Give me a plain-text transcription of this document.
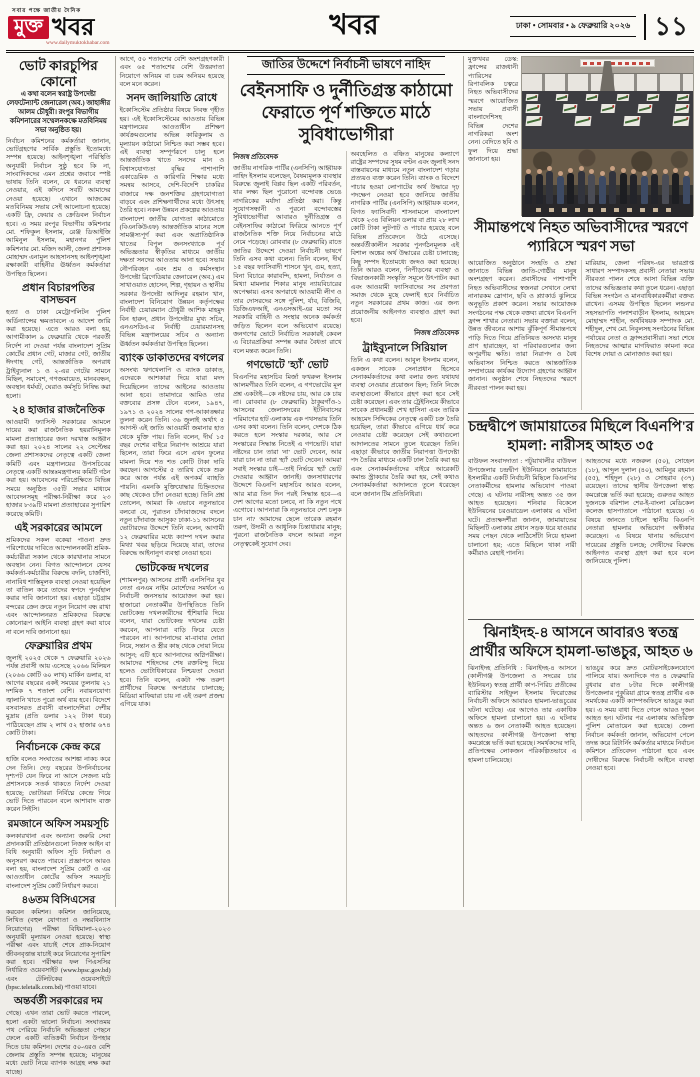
সবার পক্ষে জাতীয় দৈনিক
মুক্ত খবর
www.dailymuktokhabar.com
খবর	ঢাকা • সোমবার • ৯ ফেব্রুয়ারি ২০২৬ ১১
ভোট কারচুপির কোনো

এ কথা বলেন স্বরাষ্ট্র উপদেষ্টা লেফটেন্যান্ট জেনারেল (অব.) জাহাঙ্গীর আলম চৌধুরী। রংপুর বিভাগীয় কমিশনারের সম্মেলনকক্ষে মতবিনিময় সভা অনুষ্ঠিত হয়।

নির্বাচন কমিশনের কর্মকর্তারা জানান, ভোটগ্রহণের সার্বিক প্রস্তুতি ইতোমধ্যে সম্পন্ন হয়েছে। আইনশৃঙ্খলা পরিস্থিতি অনুযায়ী নির্বাচন সুষ্ঠু হবে কি না, সাংবাদিকদের এমন প্রশ্নের জবাবে স্পষ্ট ভাষায় তিনি বলেন, যে ধরনের ব্যবস্থা নেওয়ার, এই কদিনে সবটি আমাদের নেওয়া হয়েছে। এখানে আজকের মতবিনিময় সভায় সেই আলোচনা হয়েছে। একটি ফ্রি, ফেয়ার ও ক্রেডিবল নির্বাচন হবে। এ সময় রংপুর বিভাগীয় কমিশনার মো. শফিকুল ইসলাম, রেঞ্জ ডিআইজি আমিনুল ইসলাম, মহানগর পুলিশ কমিশনার মো. মজিদ আলী, জেলা প্রশাসক মোহাম্মদ এনামুল আহসানসহ আইনশৃঙ্খলা রক্ষাকারী বাহিনীর ঊর্ধ্বতন কর্মকর্তারা উপস্থিত ছিলেন।

প্রধান বিচারপতির বাসভবন

হত্যা ও ঢাকা মেট্রোপলিটন পুলিশ অর্ডিন্যান্সের ক্ষমতাবলে এ আদেশ জারি করা হয়েছে। এতে আরও বলা হয়, আগামীকাল ৯ ফেব্রুয়ারি থেকে পরবর্তী নির্দেশ না দেওয়া পর্যন্ত বাংলাদেশ সুপ্রিম কোর্টের প্রধান গেট, মাজার গেট, জাতীয় ঈদগাহ গেট, আন্তর্জাতিক অপরাধ ট্রাইব্যুনাল ১ ও ২-এর গেটের সামনে মিছিল, সমাবেশ, গণজমায়েত, মানববন্ধন, অবস্থান ধর্মঘট, ঘেরাও কর্মসূচি নিষিদ্ধ করা হলো।

২৪ হাজার রাজনৈতিক

আওয়ামী ফ্যাসিস্ট সরকারের আমলে দায়ের করা রাজনৈতিক হয়রানিমূলক মামলা প্রত্যাহারের জন্য দরখাস্ত আহ্বান করা হয়। ২০২৪ সালের ২২ সেপ্টেম্বর জেলা প্রশাসকদের নেতৃত্বে একটি জেলা কমিটি এবং মন্ত্রণালয়ের উপসচিবের নেতৃত্বে একটি আন্তঃমন্ত্রণালয় কমিটি গঠন করা হয়। আবেদনের পরিপ্রেক্ষিতে বিভিন্ন সময়ে অনুষ্ঠিত ৩৫টি সভার মাধ্যমে আবেদনসমূহ পরীক্ষা-নিরীক্ষা করে ২৩ হাজার ৮৩৯টি মামলা প্রত্যাহারের সুপারিশ করেছে কমিটি।

এই সরকারের আমলে

শ্রমিকদের সকল বকেয়া পাওনা দ্রুত পরিশোধের দাবিতে আন্দোলনকারী শ্রমিক-কর্মচারীরা সকাল থেকে কারখানার সামনে অবস্থান নেন। বিগত আন্দোলনে যেসব কর্মকর্তা-কর্মচারীর বিরুদ্ধে বদলি, চার্জশিট, নানাবিধ শাস্তিমূলক ব্যবস্থা নেওয়া হয়েছিল তা বাতিল করে তাদের স্বপদে পুনর্বহাল করার দাবি জানানো হয়। এছাড়া চট্টগ্রাম বন্দরের ক্রেন ক্রয়ে নতুন নিয়োগ বন্ধ রাখা এবং আন্দোলনরত শ্রমিকদের বিরুদ্ধে কোনোরূপ আইনি ব্যবস্থা গ্রহণ করা যাবে না বলে দাবি জানানো হয়।

ফেব্রুয়ারির প্রথম

জুলাই ২০২৫ থেকে ৭ ফেব্রুয়ারি ২০২৬ পর্যন্ত প্রবাসী আয় এসেছে ২০৬৬ মিলিয়ন (২০৬৬ কোটি ৬০ লাখ) মার্কিন ডলার, যা আগের বছরের একই সময়ের তুলনায় ২১ দশমিক ৭ শতাংশ বেশি। নবায়নযোগ্য জ্বালানি খাতে পুরো অর্থ ব্যয় হবে। বিদেশে বসবাসরত প্রবাসী বাংলাদেশিরা দেশীয় মুদ্রায় (প্রতি ডলার ১২২ টাকা ধরে) পাঠিয়েছেন প্রায় ২ লাখ ৫২ হাজার ৬৭৪ কোটি টাকা।

নির্বাচনকে কেন্দ্র করে

হাজি বলেও সংঘাতের আশঙ্কা নাকচ করে দেন তিনি। দেড় বছরের উপনির্বাচনের দৃশ্যপট যেন ফিরে না আসে সেজন্য মাঠ প্রশাসনকে সতর্ক থাকতে নির্দেশ দেওয়া হয়েছে; ভোটাররা নির্বিঘ্নে কেন্দ্রে গিয়ে ভোট দিতে পারবেন বলে আশাবাদ ব্যক্ত করেন সিইসি।

রমজানে অফিস সময়সূচি

কলকারখানা এবং অন্যান্য জরুরি সেবা প্রদানকারী প্রতিষ্ঠানগুলো নিজস্ব আইন বা বিধি অনুযায়ী অফিস সূচি নির্ধারণ ও অনুসরণ করতে পারবে। প্রজ্ঞাপনে আরও বলা হয়, বাংলাদেশ সুপ্রিম কোর্ট ও এর আওতাধীন কোর্টের অফিস সময়সূচি বাংলাদেশ সুপ্রিম কোর্ট নির্ধারণ করবে।

৪৬তম বিসিএসের

করবেন কমিশন। কমিশন জানিয়েছে, লিখিত (বহুল যোগ্যতা ও নম্বরবিন্যাস নিয়োগের) পরীক্ষা বিধিমালা-২০২৩ অনুযায়ী মূল্যায়ন নেওয়া হয়েছে। স্বাস্থ্য পরীক্ষা এবং যাচাই শেষে প্রাক-নিয়োগ জীবনবৃত্তান্ত যাচাই করে নিয়োগের সুপারিশ করা হবে। পরীক্ষার ফল পিএসসির নির্ধারিত ওয়েবসাইট (www.bpsc.gov.bd) এবং টেলিটকের ওয়েবসাইটে (bpsc.teletalk.com.bd) পাওয়া যাবে।

অন্তর্বর্তী সরকারের দম

গেছে। এখন তারা ভোট করতে পারলে, হলো একটা ভালো নির্বাচন। সংঘাতময় পথ পেরিয়ে নির্বাচনি অভিজ্ঞতা পেছনে ফেলে একটি ব্যতিক্রমী নির্বাচন উপহার দিতে চায় কমিশন। দেশের ৫০-এরও বেশি জেলায় প্রস্তুতি সম্পন্ন হয়েছে; মানুষের মধ্যে ভোট নিয়ে ব্যাপক আগ্রহ লক্ষ করা যাচ্ছে।

আগে, ৫০ শতাংশের বেশি অংশগ্রহণকারী এবং ৬৫ শতাংশের বেশি উত্তরদাতা নিয়োগে অনিয়ম বা চরম অনিয়ম হয়েছে বলে মনে করেন।

সনদ জালিয়াতি রোধে

ইকোসিস্টেম প্রতিষ্ঠার বিষয়ে নিবন্ধ গৃহীত হয়। এই ইকোসিস্টেমের আওতায় বিভিন্ন মন্ত্রণালয়ের আওতাধীন প্রশিক্ষণ কার্যক্রমগুলোর অভিন্ন কারিকুলাম ও মূল্যায়ন কাঠামো নিশ্চিত করা সম্ভব হবে। এই ব্যবস্থা সম্পূর্ণরূপে চালু হলে আন্তর্জাতিক খাতে সনদের মান ও বিশ্বাসযোগ্যতা বৃদ্ধির পাশাপাশি একাডেমিক ও কারিগরি শিক্ষার মধ্যে সমন্বয় আসবে, দেশি-বিদেশি চাকরির বাজারে দক্ষ জনশক্তির গ্রহণযোগ্যতা বাড়বে এবং প্রশিক্ষণার্থীদের মধ্যে উৎসাহ তৈরি হবে। নকল উন্নয়ন প্রকল্পের আওতায় বাংলাদেশ জাতীয় যোগ্যতা কাঠামোতে (বিএনকিউএফ) আন্তর্জাতিক মানের সঙ্গে সামঞ্জস্যপূর্ণ করা এবং অপ্রাতিষ্ঠানিক খাতের বিপুল জনসংখ্যাকে পূর্ব অভিজ্ঞতার স্বীকৃতির মাধ্যমে জাতীয় দক্ষতা সনদের আওতায় আনা হবে। সভায় নৌপরিবহন এবং শ্রম ও কর্মসংস্থান উপদেষ্টা ব্রিগেডিয়ার জেনারেল (অব.) এম সাখাওয়াত হোসেন, শিল্প, গৃহায়ন ও স্থানীয় সরকার উপদেষ্টা আদিলুর রহমান খান, বাংলাদেশ বিনিয়োগ উন্নয়ন কর্তৃপক্ষের নির্বাহী চেয়ারম্যান চৌধুরী আশিক মাহমুদ বিন হারুন, প্রধান উপদেষ্টার মুখ্য সচিব, এনএসডিএ-র নির্বাহী চেয়ারম্যানসহ বিভিন্ন মন্ত্রণালয়ের সচিব ও অন্যান্য ঊর্ধ্বতন কর্মকর্তারা উপস্থিত ছিলেন।

ব্যাংক ডাকাতদের বগলের

অসংখ্য ঋণখেলাপি ও ব্যাংক ডাকাত, এদেরকে আশকারা দিয়ে যারা মদদ দিয়েছিলেন তাদের আইনের আওতায় আনা হবে। তামাদারে আমিও তার বক্তব্যের প্রসঙ্গ টেনে বলেন, ১৯৪৭, ১৯৭১ ও ২০২৪ সালের গণ-আকাঙ্ক্ষার তুলনা করেন তিনি। ৩৬ জুলাই অর্থাৎ ৫ আগস্ট এই জাতি আওয়ামী জমানার হাত থেকে মুক্তি পায়। তিনি বলেন, দীর্ঘ ১৫ বছর দেশের বাইরে নিরাপদ আশ্রয়ে যারা ছিলেন, তারা ফিরে এসে এখন ফুলের মামলা দিয়ে শত শত কোটি টাকা দাবি করছেন। আগস্টের ৫ তারিখ থেকে শুরু করে আজ পর্যন্ত এই অপকর্ম ব্যাহতি পায়নি। এমনকি মুক্তিযোদ্ধার চিহ্নিতদের কাছ থেকেও চাঁদা নেওয়া হচ্ছে। তিনি প্রশ্ন তোলেন, আমরা কি এভাবে নতুনভাবে বলবো যে, পুরাতন চাঁদাবাজদের বদলে নতুন চাঁদাবাজ আসুক? ঢাকা-১১ আসনের ভোটারদের উদ্দেশে তিনি বলেন, আগামী ১২ ফেব্রুয়ারির মধ্যে ক্যাম্প দখল করার মিথ্যা খবর ছড়িয়ে দিয়েছে যারা, তাদের বিরুদ্ধে আইনানুগ ব্যবস্থা নেওয়া হবে।

ভোটকেন্দ্র দখলের

(শ্যামলপুর) আসনের প্রার্থী এনসিপির যুব নেতা এনএম নাইম মোর্শেদের সমর্থনে এ নির্বাচনী জনসভার আয়োজন করা হয়। হাজারো নেতাকর্মীর উপস্থিতিতে তিনি ভোটকেন্দ্র দখলকারীদের হুঁশিয়ারি দিয়ে বলেন, যারা ভোটকেন্দ্র দখলের চেষ্টা করবেন, আপনারা বাড়ি ফিরে যেতে পারবেন না। আপনাদের মা-বাবার দোয়া নিয়ে, সন্তান ও স্ত্রীর কাছ থেকে দোয়া নিয়ে আসুন; এটি হবে আপনাদের অগ্নিপরীক্ষা। আমাদের শহিদদের শেষ রক্তবিন্দু দিয়ে হলেও ভোটাধিকারের নিশ্চয়তা দেওয়া হবে। তিনি বলেন, একটা পক্ষ তরুণ প্রার্থীদের বিরুদ্ধে অপপ্রচার চালাচ্ছে; মিডিয়া মাফিয়ারা চায় না এই তরুণ প্রজন্ম এগিয়ে যাক।

জাতির উদ্দেশে নির্বাচনী ভাষণে নাহিদ
বেইনসাফি ও দুর্নীতিগ্রস্ত কাঠামো ফেরাতে পূর্ণ শক্তিতে মাঠে সুবিধাভোগীরা

নিজস্ব প্রতিবেদক

জাতীয় নাগরিক পার্টির (এনসিপি) আহ্বায়ক নাহিদ ইসলাম বলেছেন, বৈষম্যমূলক ব্যবস্থার বিরুদ্ধে জুলাই বিপ্লব ছিল একটি পরিবর্তন, যার লক্ষ্য ছিল পুরোনো বন্দোবস্ত ভেঙে নাগরিকের মর্যাদা প্রতিষ্ঠা করা। কিন্তু সুযোগসন্ধানী ও পুরনো বন্দোবস্তের সুবিধাভোগীরা আবারও দুর্নীতিগ্রস্ত ও বেইনসাফির কাঠামো ফিরিয়ে আনতে পূর্ণ রাজনৈতিক শক্তি নিয়ে নির্বাচনের মাঠে নেমে পড়েছে। রোববার (৮ ফেব্রুয়ারি) রাতে জাতির উদ্দেশে দেওয়া নির্বাচনী ভাষণে তিনি এসব কথা বলেন। তিনি বলেন, দীর্ঘ ১৫ বছর ফ্যাসিবাদী শাসনে খুন, গুম, হত্যা, বিনা বিচারে কারাবন্দি, হামলা, নির্যাতন ও মিথ্যা মামলার শিকার মানুষ ন্যায়বিচারের অপেক্ষায়। এসব অপরাধে আওয়ামী লীগ ও তার দোসরদের সঙ্গে পুলিশ, র্যাব, বিজিবি, ডিজিএফআই, এনএসআই-এর মতো সব সরকারি বাহিনী ও সংস্থার অনেক কর্মকর্তা জড়িত ছিলেন বলে অভিযোগ রয়েছে। জনগণের ভোটে নির্বাচিত সরকারই কেবল এ বিচারপ্রক্রিয়া সম্পন্ন করার বৈধতা রাখে বলে মন্তব্য করেন তিনি।

গণভোটে 'হ্যাঁ' ভোট

বিএনপির মহাসচিব মির্জা ফখরুল ইসলাম আলমগীরও তিনি বলেন, এ গণভোটের মূল প্রশ্ন একটাই—কে নষ্টদের চায়, আর কে চায় না। রোববার (৮ ফেব্রুয়ারি) ঠাকুরগাঁও-১ আসনের জেলাসদরের ইটনিবাসের পরিমাণের হাট এলাকায় এক পথসভায় তিনি এসব কথা বলেন। তিনি বলেন, দেশকে ঠিক করতে হলে সংস্কার দরকার, আর সে সংস্কারের সিদ্ধান্ত নিতেই এ গণভোট। যারা নষ্টদের চান তারা 'না' ভোট দেবেন, আর যারা চান না তারা 'হ্যাঁ' ভোট দেবেন। আমরা সবাই সংস্কার চাই—তাই নির্ভয়ে 'হ্যাঁ' ভোট দেওয়ার আহ্বান জানাই। জনসাধারণের উদ্দেশে বিএনপি মহাসচিব আরও বলেন, আর মাত্র তিন দিন পরই সিদ্ধান্ত হবে—এ দেশ আগের মতো চলবে, না কি নতুন পথে এগোবে। আপনারা কি নতুনভাবে দেশ চলুক চান না? আমাদের ছেলে তারেক রহমান তরুণ, উদ্যমী ও আধুনিক চিন্তাধারার মানুষ; পুরনো রাজনৈতিক বদলে আমরা নতুন নেতৃত্বকেই সুযোগ দেব।

অবহেলিত ও বঞ্চিত মানুষের কল্যাণে রাষ্ট্রের সম্পদের সুষম বণ্টন এবং জুলাই সনদ বাস্তবায়নের মাধ্যমে নতুন বাংলাদেশ গড়ার প্রত্যয়ও ব্যক্ত করেন তিনি। ব্যাংক ও বিদেশে পাচার হওয়া লোপাটের অর্থ উদ্ধারে দৃঢ় পদক্ষেপ নেওয়া হবে জানিয়ে জাতীয় নাগরিক পার্টির (এনসিপি) আহ্বায়ক বলেন, বিগত ফ্যাসিবাদী শাসনামলে বাংলাদেশ থেকে ২৩৪ বিলিয়ন ডলার বা প্রায় ২৮ লাখ কোটি টাকা লুটপাট ও পাচার হয়েছে বলে বিভিন্ন প্রতিবেদনে উঠে এসেছে। অন্তর্বর্তীকালীন সরকার পুনর্গঠনমূলক এই বিশাল অঙ্কের অর্থ উদ্ধারের চেষ্টা চালাচ্ছে; কিছু সম্পদ ইতোমধ্যে জব্দও করা হয়েছে। তিনি আরও বলেন, 'নিপীড়নের ব্যবস্থা' ও 'বিভাজনকারী সংস্কৃতি' সমূলে উৎপাটন করা এবং আওয়ামী ফ্যাসিবাদের সব প্রবণতা সমাজ থেকে মুছে ফেলাই হবে নির্বাচিত নতুন সরকারের প্রথম কাজ। এর জন্য প্রয়োজনীয় আইনগত ব্যবস্থাও গ্রহণ করা হবে।

নিজস্ব প্রতিবেদক

ট্রাইব্যুনালে সিরিয়াল

তিনি এ কথা বলেন। আবুল ইসলাম বলেন, একজন সাবেক সেনাপ্রধান হিসেবে সেনাকর্মকর্তাদের কথা বলার জন্য যথাযথ ব্যবস্থা নেওয়ার প্রয়োজন ছিল; তিনি নিজে ব্যবস্থাগুলো কীভাবে গ্রহণ করা হবে সেই চেষ্টা করেছেন। এবং তার ট্রেইনিংয়ে কীভাবে সাবেক প্রধানমন্ত্রী শেখ হাসিনা এবং তারিক আহমেদ সিদ্দিকের নেতৃত্বে একটি চক্র তৈরি হয়েছিল, তারা কীভাবে এগিয়ে ধার্য করে নেওয়ার চেষ্টা করেছেন সেই কথাগুলো আদালতের সামনে তুলে ধরেছেন তিনি। এছাড়া কীভাবে জাতীয় নিরাপত্তা উপদেষ্টা পদ তৈরির মাধ্যমে একটি ঢাল তৈরি করা হয় এবং সেনাকর্মকর্তাদের বাইরে আরেকটি কমান্ড স্ট্রাকচার তৈরি করা হয়, সেই কথাও সেনাকর্মকর্তারা আদালতে তুলে ধরেছেন বলে জানান টিম প্রতিনিধিরা।

মুক্তখবর ডেস্ক: ফ্রান্সের রাজধানী প্যারিসের রিপাবলিক চত্বরে নিহত অভিবাসীদের স্মরণে আয়োজিত সভায় প্রবাসী বাংলাদেশিসহ বিভিন্ন দেশের নাগরিকরা অংশ নেন। বেদিতে ছবি ও ফুল দিয়ে শ্রদ্ধা জানানো হয়।

সীমান্তপথে নিহত অভিবাসীদের স্মরণে প্যারিসে স্মরণ সভা

আয়োজিত অনুষ্ঠানে সংহতি ও শ্রদ্ধা জানাতে বিভিন্ন জাতি-গোষ্ঠীর মানুষ অংশগ্রহণ করেন। প্রবাসীদের পাশাপাশি নিহত অভিবাসীদের স্বজনরা সেখানে লেখা নানারকম স্লোগান, ছবি ও প্ল্যাকার্ড ঝুলিয়ে অনুভূতি প্রকাশ করেন। সভার আয়োজক সংগঠনের পক্ষ থেকে বক্তব্য রাখেন বিএনপি ফ্রান্স শাখার নেতারা। সভায় বক্তারা বলেন, উন্নত জীবনের আশায় ঝুঁকিপূর্ণ সীমান্তপথে পাড়ি দিতে গিয়ে প্রতিনিয়ত অসংখ্য মানুষ প্রাণ হারাচ্ছেন, যা পরিবারগুলোর জন্য অপূরণীয় ক্ষতি। তারা নিরাপদ ও বৈধ অভিবাসন নিশ্চিত করতে আন্তর্জাতিক সম্প্রদায়ের কার্যকর উদ্যোগ গ্রহণের আহ্বান জানান। অনুষ্ঠান শেষে নিহতদের স্মরণে নীরবতা পালন করা হয়।

মারিয়াম, জেলা পরিষদ-এর ভারপ্রাপ্ত সাধারণ সম্পাদকসহ প্রবাসী নেতারা সভায় নীরবতা পালন শেষে আসা বিভিন্ন ব্যক্তি তাদের অভিজ্ঞতার কথা তুলে ধরেন। এছাড়া বিভিন্ন সংগঠন ও মানবাধিকারকর্মীরা বক্তব্য রাখেন। এসময় উপস্থিত ছিলেন লন্ডন'র সহসভাপতি পলাশবাড়ীন ইসলাম, আহমেদ মোহাম্মদ শাহীন, অর্থবিষয়ক সম্পাদক মো. শহীদুল, শেখ মো. নিবুলসহ সংগঠনের বিভিন্ন পর্যায়ের নেতা ও ফ্রান্সপ্রবাসীরা। সভা শেষে নিহতদের আত্মার মাগফিরাত কামনা করে বিশেষ দোয়া ও মোনাজাত করা হয়।

চন্দ্রদ্বীপে জামায়াতের মিছিলে বিএনপি'র হামলা: নারীসহ আহত ৩৫

বাউফল সংবাদদাতা : পটুয়াখালীর বাউফল উপজেলার চন্দ্রদ্বীপ ইউনিয়নে জামায়াতে ইসলামীর একটি নির্বাচনী মিছিলে বিএনপির নেতাকর্মীদের হামলার অভিযোগ পাওয়া গেছে। এ ঘটনায় নারীসহ অন্তত ৩৫ জন আহত হয়েছেন। শনিবার বিকেলে ইউনিয়নের চরওয়াডেল এলাকায় এ ঘটনা ঘটে। প্রত্যক্ষদর্শীরা জানান, জামায়াতের মিছিলটি এলাকার প্রধান সড়ক ধরে যাওয়ার সময় পেছন থেকে লাঠিসোঁটা নিয়ে হামলা চালানো হয়; এতে মিছিলে থাকা নারী কর্মীরাও রেহাই পাননি।

আহতদের মধ্যে নজরুল (৫০), সোহেল (১৮), আব্দুল দুলাল (৪০), আমিনুর রহমান (৫৫), শহিদুল (২৮) ও সোহরাব (৩৭) রয়েছেন। তাদের স্থানীয় উপজেলা স্বাস্থ্য কমপ্লেক্সে ভর্তি করা হয়েছে; গুরুতর আহত দুজনকে বরিশাল শের-ই-বাংলা মেডিকেল কলেজ হাসপাতালে পাঠানো হয়েছে। এ বিষয়ে জানতে চাইলে স্থানীয় বিএনপি নেতারা হামলার অভিযোগ অস্বীকার করেছেন। এ বিষয়ে থানায় অভিযোগ দায়েরের প্রস্তুতি চলছে; দোষীদের বিরুদ্ধে আইনগত ব্যবস্থা গ্রহণ করা হবে বলে জানিয়েছে পুলিশ।

ঝিনাইদহ-৪ আসনে আবারও স্বতন্ত্র প্রার্থীর অফিসে হামলা-ভাঙচুর, আহত ৬

ঝিনাইদহ প্রতিনিধি : ঝিনাইদহ-৪ আসনে (কালীগঞ্জ উপজেলা ও সদরের চার ইউনিয়ন) স্বতন্ত্র প্রার্থী কাপ-পিরিচ প্রতীকের ব্যারিস্টার সাইফুল ইসলাম ফিরোজের নির্বাচনী অফিসে আবারও হামলা-ভাঙচুরের ঘটনা ঘটেছে। এর আগেও তার একাধিক অফিসে হামলা চালানো হয়। এ ঘটনায় অন্তত ৬ জন নেতাকর্মী আহত হয়েছেন। আহতদের কালীগঞ্জ উপজেলা স্বাস্থ্য কমপ্লেক্সে ভর্তি করা হয়েছে। সমর্থকদের দাবি, প্রতিপক্ষের লোকজন পরিকল্পিতভাবে এ হামলা চালিয়েছে।

ভাঙচুর করে দ্রুত মোটরসাইকেলযোগে পালিয়ে যায়। অন্যদিকে গত ৪ ফেব্রুয়ারি বুধবার রাত ৮টার দিকে কালীগঞ্জ উপজেলার পুকুরিয়া গ্রামে স্বতন্ত্র প্রার্থীর এক সমর্থকের একটি ক্যাম্পঅফিসে ভাঙচুর করা হয়। এ সময় বাধা দিতে গেলে আরও দুজন আহত হন। ঘটনার পর এলাকায় অতিরিক্ত পুলিশ মোতায়েন করা হয়েছে। জেলা নির্বাচন কর্মকর্তা জানান, অভিযোগ পেলে তদন্ত করে রিটার্নিং কর্মকর্তার মাধ্যমে নির্বাচন কমিশনে প্রতিবেদন পাঠানো হবে এবং দোষীদের বিরুদ্ধে নির্বাচনী আইনে ব্যবস্থা নেওয়া হবে।
